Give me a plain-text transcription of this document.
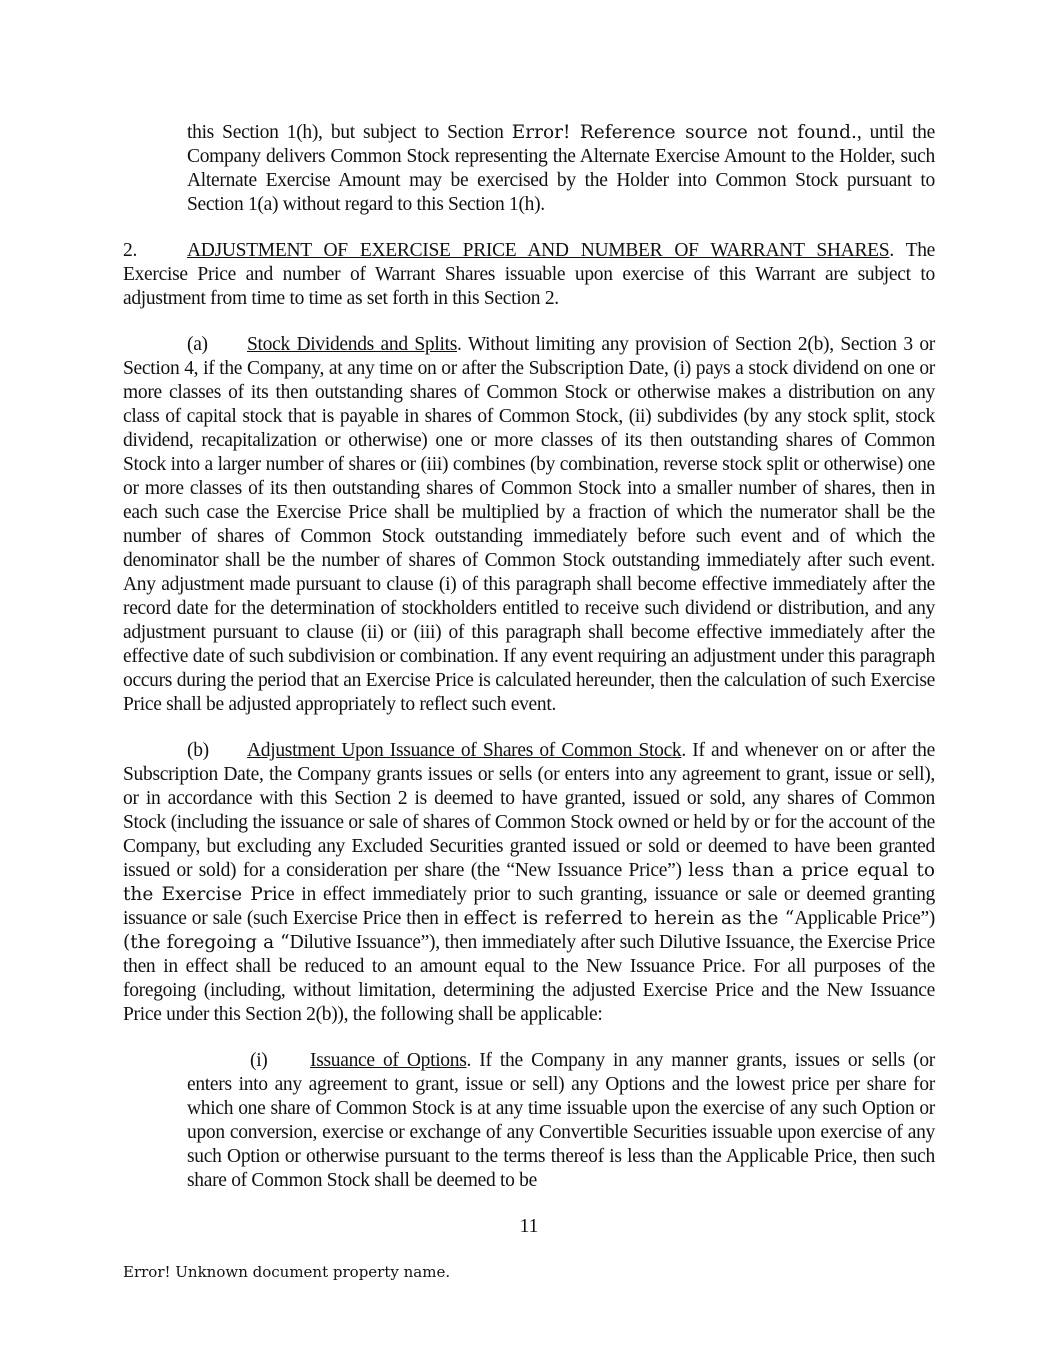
this Section 1(h), but subject to Section Error! Reference source not found., until the Company delivers Common Stock representing the Alternate Exercise Amount to the Holder, such Alternate Exercise Amount may be exercised by the Holder into Common Stock pursuant to Section 1(a) without regard to this Section 1(h).

2.	ADJUSTMENT OF EXERCISE PRICE AND NUMBER OF WARRANT SHARES. The Exercise Price and number of Warrant Shares issuable upon exercise of this Warrant are subject to adjustment from time to time as set forth in this Section 2.

(a) Stock Dividends and Splits. Without limiting any provision of Section 2(b), Section 3 or Section 4, if the Company, at any time on or after the Subscription Date, (i) pays a stock dividend on one or more classes of its then outstanding shares of Common Stock or otherwise makes a distribution on any class of capital stock that is payable in shares of Common Stock, (ii) subdivides (by any stock split, stock dividend, recapitalization or otherwise) one or more classes of its then outstanding shares of Common Stock into a larger number of shares or (iii) combines (by combination, reverse stock split or otherwise) one or more classes of its then outstanding shares of Common Stock into a smaller number of shares, then in each such case the Exercise Price shall be multiplied by a fraction of which the numerator shall be the number of shares of Common Stock outstanding immediately before such event and of which the denominator shall be the number of shares of Common Stock outstanding immediately after such event. Any adjustment made pursuant to clause (i) of this paragraph shall become effective immediately after the record date for the determination of stockholders entitled to receive such dividend or distribution, and any adjustment pursuant to clause (ii) or (iii) of this paragraph shall become effective immediately after the effective date of such subdivision or combination. If any event requiring an adjustment under this paragraph occurs during the period that an Exercise Price is calculated hereunder, then the calculation of such Exercise Price shall be adjusted appropriately to reflect such event.

(b) Adjustment Upon Issuance of Shares of Common Stock. If and whenever on or after the Subscription Date, the Company grants issues or sells (or enters into any agreement to grant, issue or sell), or in accordance with this Section 2 is deemed to have granted, issued or sold, any shares of Common Stock (including the issuance or sale of shares of Common Stock owned or held by or for the account of the Company, but excluding any Excluded Securities granted issued or sold or deemed to have been granted issued or sold) for a consideration per share (the “New Issuance Price”) less than a price equal to the Exercise Price in effect immediately prior to such granting, issuance or sale or deemed granting issuance or sale (such Exercise Price then in effect is referred to herein as the “Applicable Price”) (the foregoing a “Dilutive Issuance”), then immediately after such Dilutive Issuance, the Exercise Price then in effect shall be reduced to an amount equal to the New Issuance Price. For all purposes of the foregoing (including, without limitation, determining the adjusted Exercise Price and the New Issuance Price under this Section 2(b)), the following shall be applicable:

(i) Issuance of Options. If the Company in any manner grants, issues or sells (or enters into any agreement to grant, issue or sell) any Options and the lowest price per share for which one share of Common Stock is at any time issuable upon the exercise of any such Option or upon conversion, exercise or exchange of any Convertible Securities issuable upon exercise of any such Option or otherwise pursuant to the terms thereof is less than the Applicable Price, then such share of Common Stock shall be deemed to be

11
Error! Unknown document property name.
